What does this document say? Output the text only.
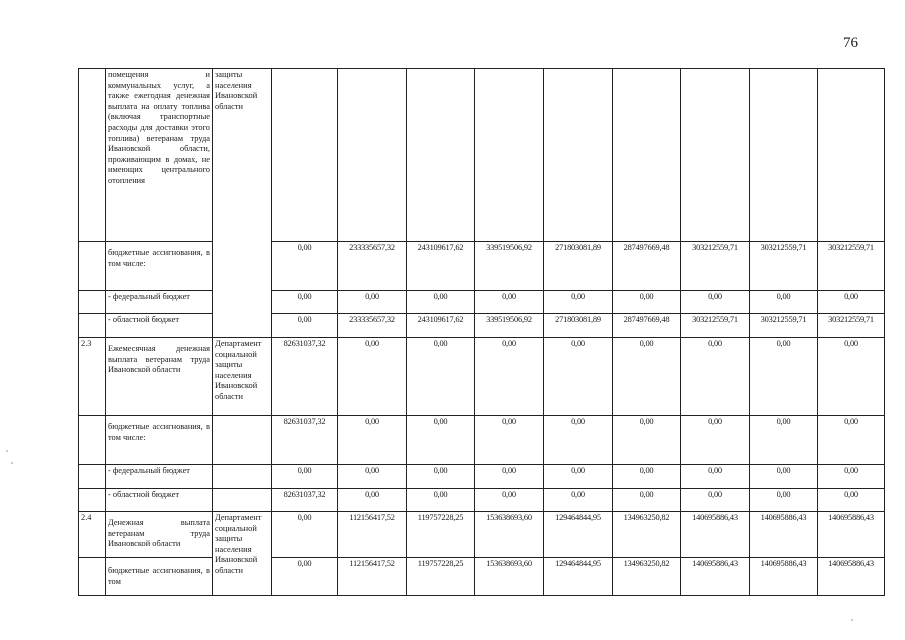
76
	помещения и коммунальных услуг, а также ежегодная денежная выплата на оплату топлива (включая транспортные расходы для доставки этого топлива) ветеранам труда Ивановской области, проживающим в домах, не имеющих центрального отопления	защиты населения Ивановской области									
	бюджетные ассигнования, в том числе:		0,00	233335657,32	243109617,62	339519506,92	271803081,89	287497669,48	303212559,71	303212559,71	303212559,71
	- федеральный бюджет		0,00	0,00	0,00	0,00	0,00	0,00	0,00	0,00	0,00
	- областной бюджет		0,00	233335657,32	243109617,62	339519506,92	271803081,89	287497669,48	303212559,71	303212559,71	303212559,71
2.3	Ежемесячная денежная выплата ветеранам труда Ивановской области	Департамент социальной защиты населения Ивановской области	82631037,32	0,00	0,00	0,00	0,00	0,00	0,00	0,00	0,00
	бюджетные ассигнования, в том числе:		82631037,32	0,00	0,00	0,00	0,00	0,00	0,00	0,00	0,00
	- федеральный бюджет		0,00	0,00	0,00	0,00	0,00	0,00	0,00	0,00	0,00
	- областной бюджет		82631037,32	0,00	0,00	0,00	0,00	0,00	0,00	0,00	0,00
2.4	Денежная выплата ветеранам труда Ивановской области	Департамент социальной защиты населения Ивановской области	0,00	112156417,52	119757228,25	153638693,60	129464844,95	134963250,82	140695886,43	140695886,43	140695886,43
	бюджетные ассигнования, в том		0,00	112156417,52	119757228,25	153638693,60	129464844,95	134963250,82	140695886,43	140695886,43	140695886,43
